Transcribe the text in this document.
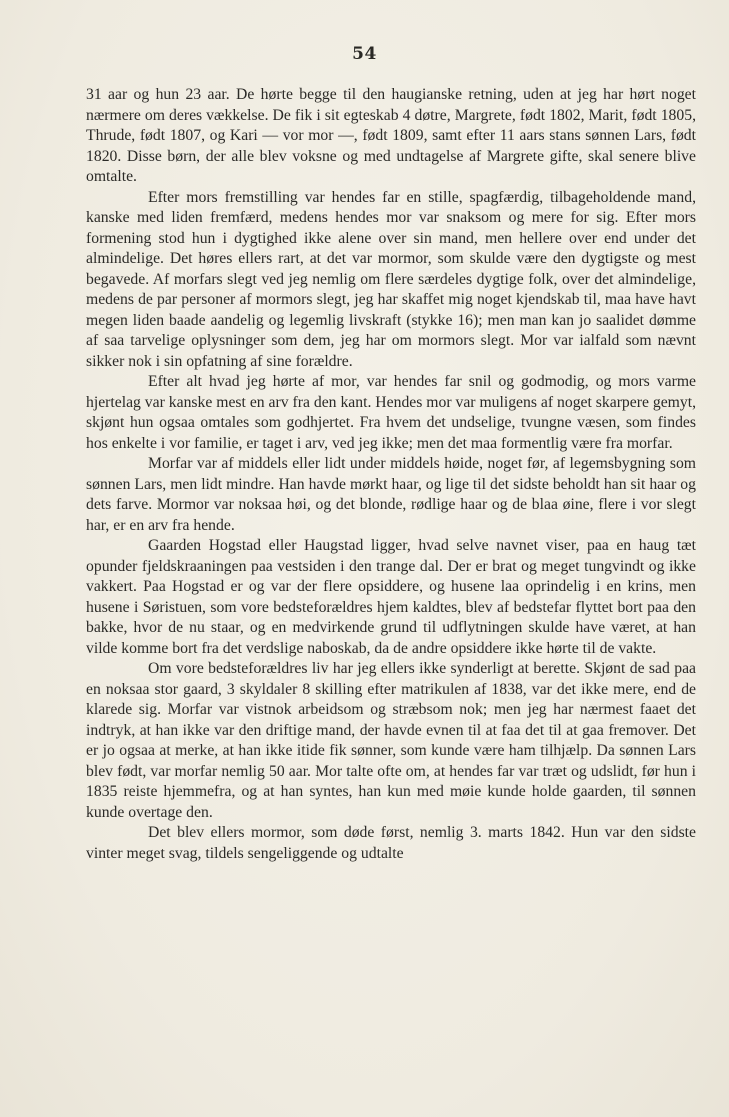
54

31 aar og hun 23 aar. De hørte begge til den haugianske retning, uden at jeg har hørt noget nærmere om deres vækkelse. De fik i sit egteskab 4 døtre, Margrete, født 1802, Marit, født 1805, Thrude, født 1807, og Kari — vor mor —, født 1809, samt efter 11 aars stans sønnen Lars, født 1820. Disse børn, der alle blev voksne og med undtagelse af Margrete gifte, skal senere blive omtalte.

Efter mors fremstilling var hendes far en stille, spagfærdig, tilbageholdende mand, kanske med liden fremfærd, medens hendes mor var snaksom og mere for sig. Efter mors formening stod hun i dygtighed ikke alene over sin mand, men hellere over end under det almindelige. Det høres ellers rart, at det var mormor, som skulde være den dygtigste og mest begavede. Af morfars slegt ved jeg nemlig om flere særdeles dygtige folk, over det almindelige, medens de par personer af mormors slegt, jeg har skaffet mig noget kjendskab til, maa have havt megen liden baade aandelig og legemlig livskraft (stykke 16); men man kan jo saalidet dømme af saa tarvelige oplysninger som dem, jeg har om mormors slegt. Mor var ialfald som nævnt sikker nok i sin opfatning af sine forældre.

Efter alt hvad jeg hørte af mor, var hendes far snil og godmodig, og mors varme hjertelag var kanske mest en arv fra den kant. Hendes mor var muligens af noget skarpere gemyt, skjønt hun ogsaa omtales som godhjertet. Fra hvem det undselige, tvungne væsen, som findes hos enkelte i vor familie, er taget i arv, ved jeg ikke; men det maa formentlig være fra morfar.

Morfar var af middels eller lidt under middels høide, noget før, af legemsbygning som sønnen Lars, men lidt mindre. Han havde mørkt haar, og lige til det sidste beholdt han sit haar og dets farve. Mormor var noksaa høi, og det blonde, rødlige haar og de blaa øine, flere i vor slegt har, er en arv fra hende.

Gaarden Hogstad eller Haugstad ligger, hvad selve navnet viser, paa en haug tæt opunder fjeldskraaningen paa vestsiden i den trange dal. Der er brat og meget tungvindt og ikke vakkert. Paa Hogstad er og var der flere opsiddere, og husene laa oprindelig i en krins, men husene i Søristuen, som vore bedsteforældres hjem kaldtes, blev af bedstefar flyttet bort paa den bakke, hvor de nu staar, og en medvirkende grund til udflytningen skulde have været, at han vilde komme bort fra det verdslige naboskab, da de andre opsiddere ikke hørte til de vakte.

Om vore bedsteforældres liv har jeg ellers ikke synderligt at berette. Skjønt de sad paa en noksaa stor gaard, 3 skyldaler 8 skilling efter matrikulen af 1838, var det ikke mere, end de klarede sig. Morfar var vistnok arbeidsom og stræbsom nok; men jeg har nærmest faaet det indtryk, at han ikke var den driftige mand, der havde evnen til at faa det til at gaa fremover. Det er jo ogsaa at merke, at han ikke itide fik sønner, som kunde være ham tilhjælp. Da sønnen Lars blev født, var morfar nemlig 50 aar. Mor talte ofte om, at hendes far var træt og udslidt, før hun i 1835 reiste hjemmefra, og at han syntes, han kun med møie kunde holde gaarden, til sønnen kunde overtage den.

Det blev ellers mormor, som døde først, nemlig 3. marts 1842. Hun var den sidste vinter meget svag, tildels sengeliggende og udtalte
